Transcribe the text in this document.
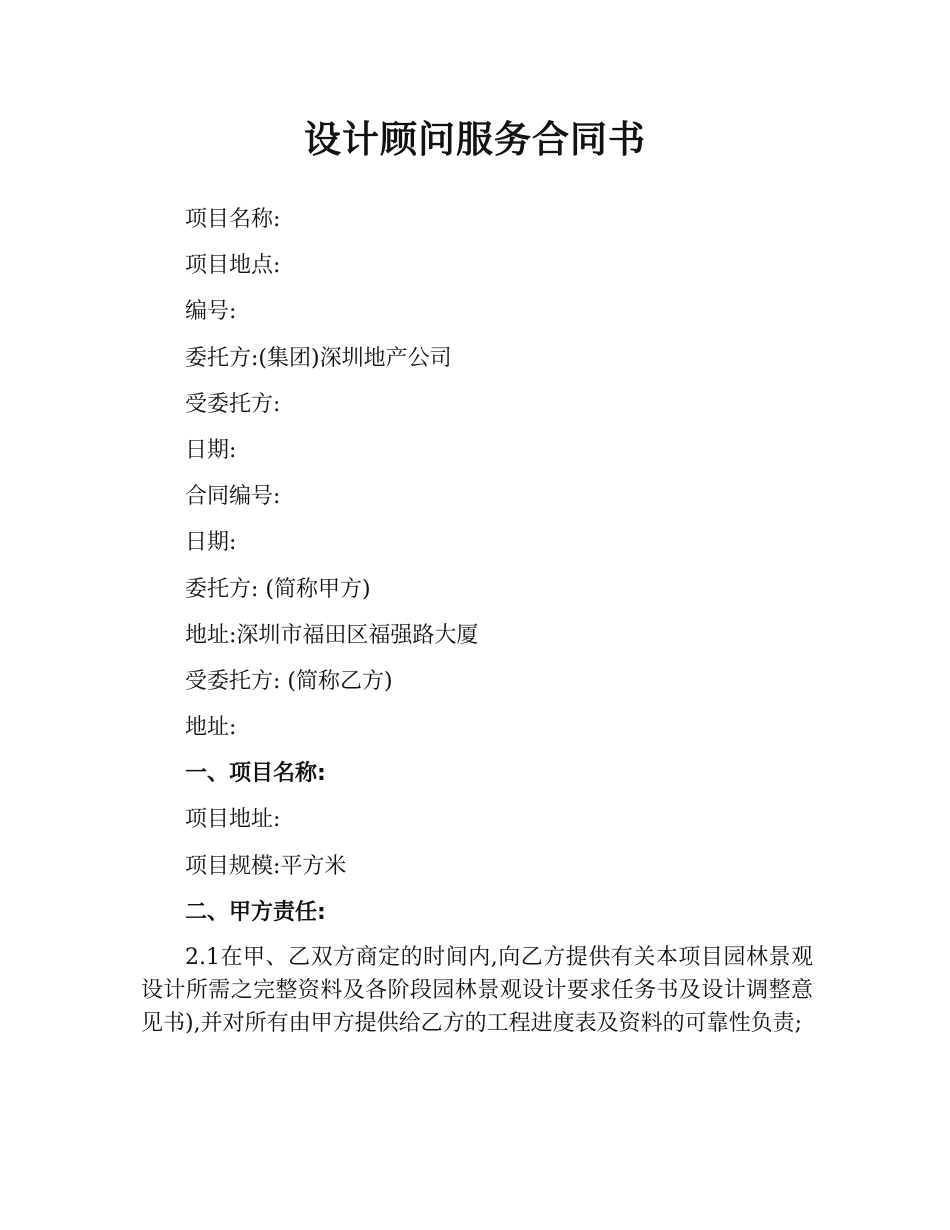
设计顾问服务合同书
项目名称:
项目地点:
编号:
委托方:(集团)深圳地产公司
受委托方:
日期:
合同编号:
日期:
委托方: (简称甲方)
地址:深圳市福田区福强路大厦
受委托方: (简称乙方)
地址:
一、项目名称:
项目地址:
项目规模:平方米
二、甲方责任:

2.1在甲、乙双方商定的时间内,向乙方提供有关本项目园林景观设计所需之完整资料及各阶段园林景观设计要求任务书及设计调整意见书),并对所有由甲方提供给乙方的工程进度表及资料的可靠性负责;
